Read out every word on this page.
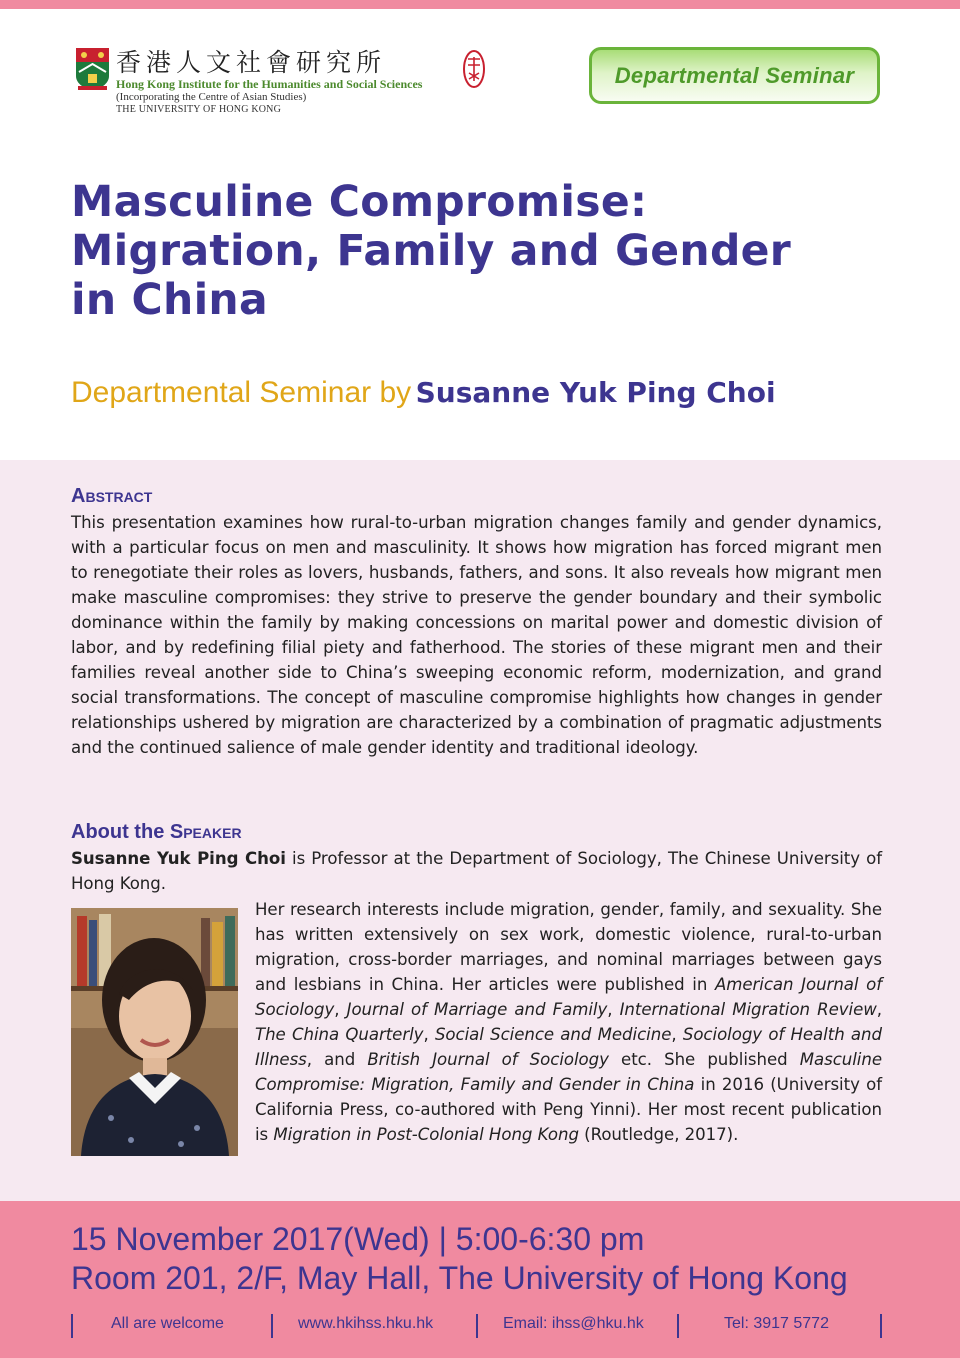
香港人文社會研究所
Hong Kong Institute for the Humanities and Social Sciences
(Incorporating the Centre of Asian Studies)
THE UNIVERSITY OF HONG KONG
Departmental Seminar
Masculine Compromise:
Migration, Family and Gender
in China
Departmental Seminar by Susanne Yuk Ping Choi
Abstract

This presentation examines how rural-to-urban migration changes family and gender dynamics, with a particular focus on men and masculinity. It shows how migration has forced migrant men to renegotiate their roles as lovers, husbands, fathers, and sons. It also reveals how migrant men make masculine compromises: they strive to preserve the gender boundary and their symbolic dominance within the family by making concessions on marital power and domestic division of labor, and by redefining filial piety and fatherhood. The stories of these migrant men and their families reveal another side to China’s sweeping economic reform, modernization, and grand social transformations. The concept of masculine compromise highlights how changes in gender relationships ushered by migration are characterized by a combination of pragmatic adjustments and the continued salience of male gender identity and traditional ideology.

About the Speaker

Susanne Yuk Ping Choi is Professor at the Department of Sociology, The Chinese University of Hong Kong.

Her research interests include migration, gender, family, and sexuality. She has written extensively on sex work, domestic violence, rural-to-urban migration, cross-border marriages, and nominal marriages between gays and lesbians in China. Her articles were published in American Journal of Sociology, Journal of Marriage and Family, International Migration Review, The China Quarterly, Social Science and Medicine, Sociology of Health and Illness, and British Journal of Sociology etc. She published Masculine Compromise: Migration, Family and Gender in China in 2016 (University of California Press, co-authored with Peng Yinni). Her most recent publication is Migration in Post-Colonial Hong Kong (Routledge, 2017).

15 November 2017(Wed) | 5:00-6:30 pm
Room 201, 2/F, May Hall, The University of Hong Kong
All are welcome	www.hkihss.hku.hk	Email: ihss@hku.hk	Tel: 3917 5772
